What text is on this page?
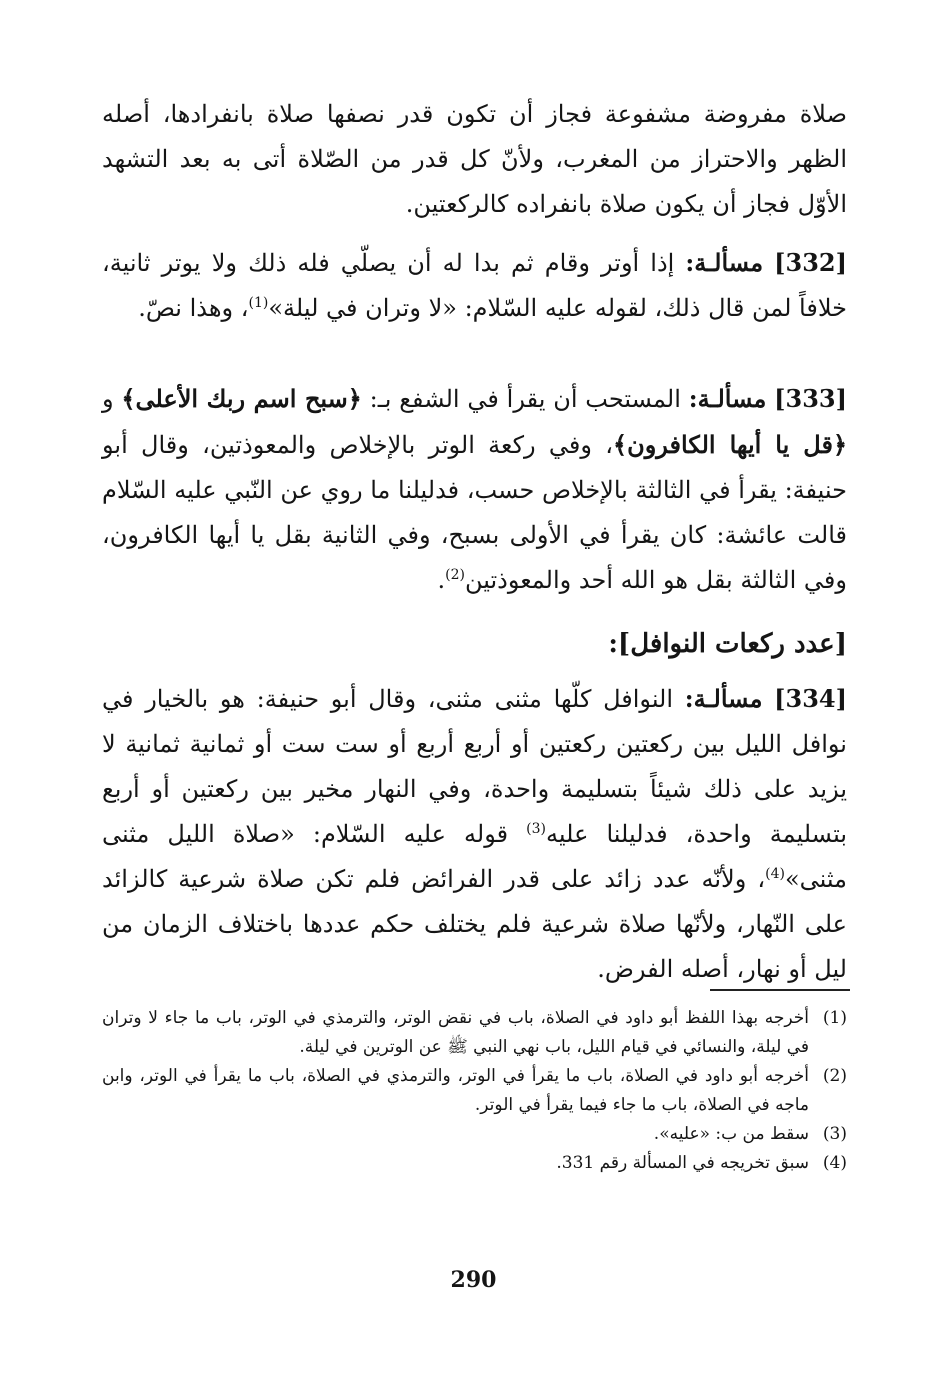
صلاة مفروضة مشفوعة فجاز أن تكون قدر نصفها صلاة بانفرادها، أصله الظهر والاحتراز من المغرب، ولأنّ كل قدر من الصّلاة أتى به بعد التشهد الأوّل فجاز أن يكون صلاة بانفراده كالركعتين.

[332] مسألـة: إذا أوتر وقام ثم بدا له أن يصلّي فله ذلك ولا يوتر ثانية، خلافاً لمن قال ذلك، لقوله عليه السّلام: «لا وتران في ليلة»$^{(1)}$، وهذا نصّ.

[333] مسألـة: المستحب أن يقرأ في الشفع بـ: ﴿سبح اسم ربك الأعلى﴾ و ﴿قل يا أيها الكافرون﴾، وفي ركعة الوتر بالإخلاص والمعوذتين، وقال أبو حنيفة: يقرأ في الثالثة بالإخلاص حسب، فدليلنا ما روي عن النّبي عليه السّلام قالت عائشة: كان يقرأ في الأولى بسبح، وفي الثانية بقل يا أيها الكافرون، وفي الثالثة بقل هو الله أحد والمعوذتين$^{(2)}$.

[عدد ركعات النوافل]:

[334] مسألـة: النوافل كلّها مثنى مثنى، وقال أبو حنيفة: هو بالخيار في نوافل الليل بين ركعتين ركعتين أو أربع أربع أو ست ست أو ثمانية ثمانية لا يزيد على ذلك شيئاً بتسليمة واحدة، وفي النهار مخير بين ركعتين أو أربع بتسليمة واحدة، فدليلنا عليه$^{(3)}$ قوله عليه السّلام: «صلاة الليل مثنى مثنى»$^{(4)}$، ولأنّه عدد زائد على قدر الفرائض فلم تكن صلاة شرعية كالزائد على النّهار، ولأنّها صلاة شرعية فلم يختلف حكم عددها باختلاف الزمان من ليل أو نهار، أصله الفرض.

(1)
أخرجه بهذا اللفظ أبو داود في الصلاة، باب في نقض الوتر، والترمذي في الوتر، باب ما جاء لا وتران في ليلة، والنسائي في قيام الليل، باب نهي النبي ﷺ عن الوترين في ليلة.
(2)
أخرجه أبو داود في الصلاة، باب ما يقرأ في الوتر، والترمذي في الصلاة، باب ما يقرأ في الوتر، وابن ماجه في الصلاة، باب ما جاء فيما يقرأ في الوتر.
(3)
سقط من ب: «عليه».
(4)
سبق تخريجه في المسألة رقم 331.
290
